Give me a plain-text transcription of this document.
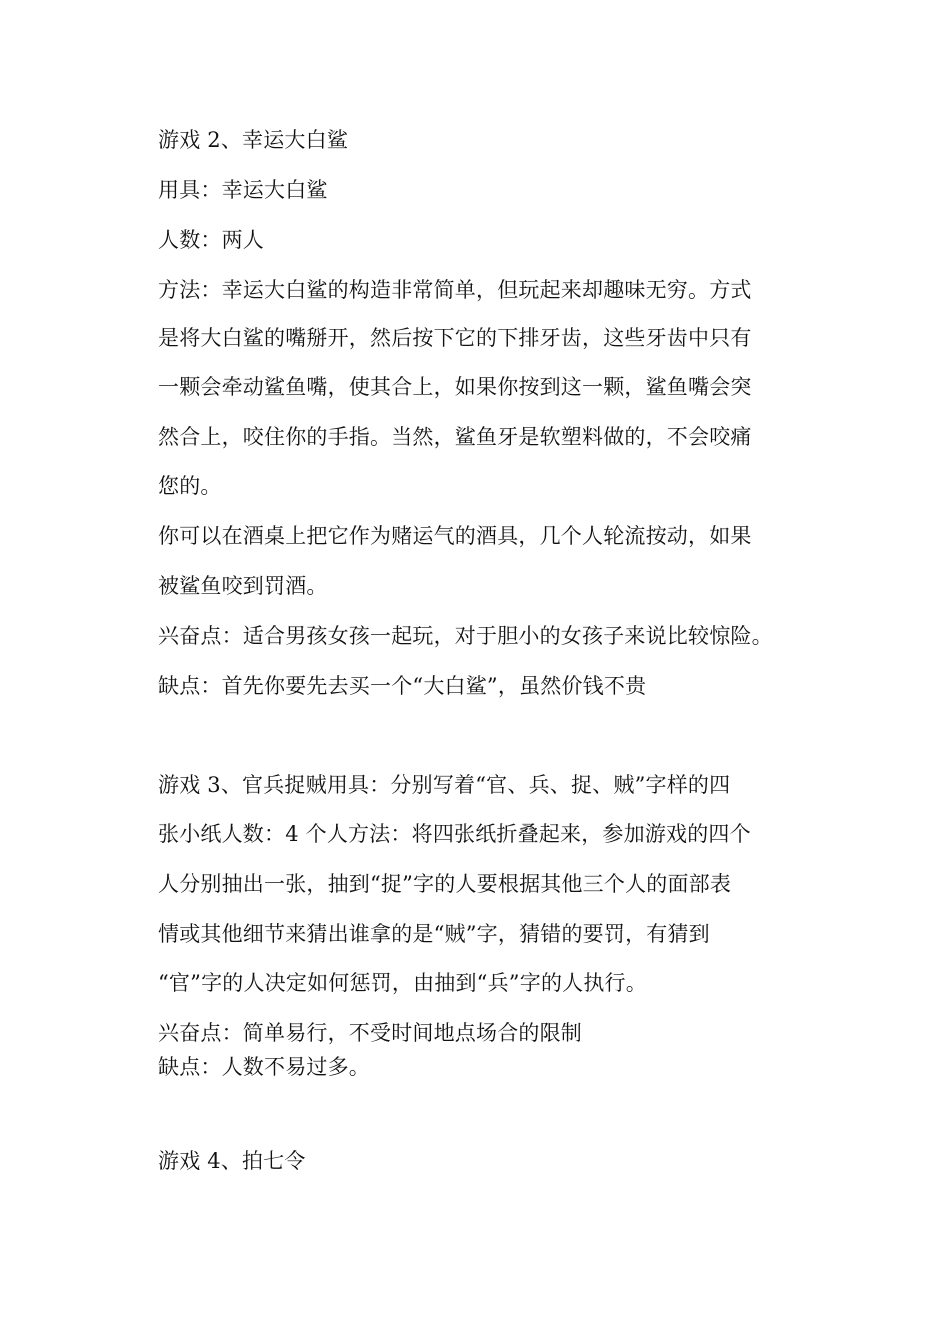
游戏 2、幸运大白鲨
用具：幸运大白鲨
人数：两人
方法：幸运大白鲨的构造非常简单，但玩起来却趣味无穷。方式
是将大白鲨的嘴掰开，然后按下它的下排牙齿，这些牙齿中只有
一颗会牵动鲨鱼嘴，使其合上，如果你按到这一颗，鲨鱼嘴会突
然合上，咬住你的手指。当然，鲨鱼牙是软塑料做的，不会咬痛
您的。
你可以在酒桌上把它作为赌运气的酒具，几个人轮流按动，如果
被鲨鱼咬到罚酒。
兴奋点：适合男孩女孩一起玩，对于胆小的女孩子来说比较惊险。
缺点：首先你要先去买一个“大白鲨”，虽然价钱不贵
游戏 3、官兵捉贼用具：分别写着“官、兵、捉、贼”字样的四
张小纸人数：4 个人方法：将四张纸折叠起来，参加游戏的四个
人分别抽出一张，抽到“捉”字的人要根据其他三个人的面部表
情或其他细节来猜出谁拿的是“贼”字，猜错的要罚，有猜到
“官”字的人决定如何惩罚，由抽到“兵”字的人执行。
兴奋点：简单易行，不受时间地点场合的限制
缺点：人数不易过多。
游戏 4、拍七令
